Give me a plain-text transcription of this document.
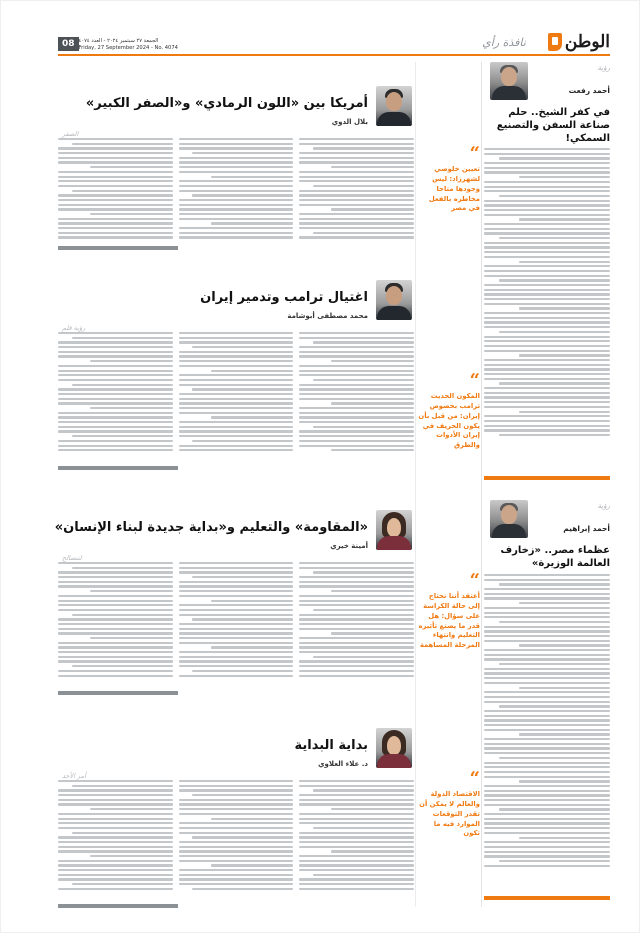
الوطن
نافذة رأي
الجمعة ٢٧ سبتمبر ٢٠٢٤ - العدد ٤٠٧٤
Friday, 27 September 2024 - No. 4074
08
رؤية
أحمد رفعت
في كفر الشيخ.. حلم صناعة السفن والتصنيع السمكي!
رؤية
أحمد إبراهيم
عظماء مصر.. «زخارف العالمة الوزيرة»
“
تعيين خلوصي لشهرزاد: ليس وجودها متاحا مخاطره بالفعل في مصر
“
المكون الحديث ترامب بخصوص إيران: من قبل بأن يكون الحريف في إيران الأدوات والطرق
“
أعتقد أننا نحتاج إلى حالة الكراسة على سؤال: هل قدر ما يصنع تأثيره التعليم وانتهاء المرحلة المساهمة
“
الاقتصاد الدولة والعالم لا يمكن أن تقدر التوقعات الموارد فيه ما تكون
أمريكا بين «اللون الرمادي» و«الصفر الكبير»
بلال الدوي
الصفر
اغتيال ترامب وتدمير إيران
محمد مصطفى أبوشامة
رؤية قلم
«المقاومة» والتعليم و«بداية جديدة لبناء الإنسان»
أمينة خيري
لنتصالح
بداية البداية
د. علاء العلاوي
أمر الأحد
